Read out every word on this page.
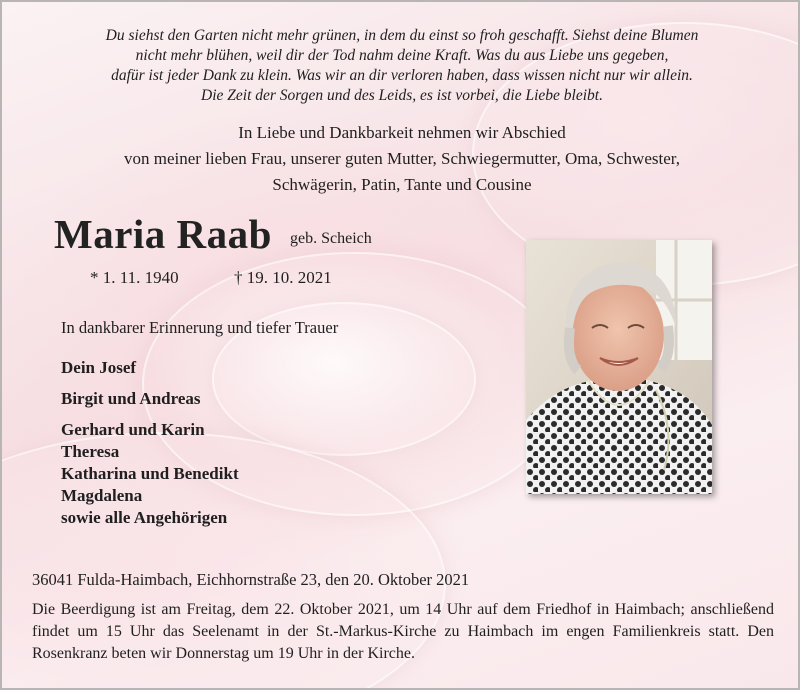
Du siehst den Garten nicht mehr grünen, in dem du einst so froh geschafft. Siehst deine Blumen
nicht mehr blühen, weil dir der Tod nahm deine Kraft. Was du aus Liebe uns gegeben,
dafür ist jeder Dank zu klein. Was wir an dir verloren haben, dass wissen nicht nur wir allein.
Die Zeit der Sorgen und des Leids, es ist vorbei, die Liebe bleibt.
In Liebe und Dankbarkeit nehmen wir Abschied
von meiner lieben Frau, unserer guten Mutter, Schwiegermutter, Oma, Schwester,
Schwägerin, Patin, Tante und Cousine
Maria Raab geb. Scheich
* 1. 11. 1940	† 19. 10. 2021
In dankbarer Erinnerung und tiefer Trauer
Dein Josef
Birgit und Andreas
Gerhard und Karin
Theresa
Katharina und Benedikt
Magdalena
sowie alle Angehörigen
36041 Fulda-Haimbach, Eichhornstraße 23, den 20. Oktober 2021

Die Beerdigung ist am Freitag, dem 22. Oktober 2021, um 14 Uhr auf dem Friedhof in Haimbach; anschließend findet um 15 Uhr das Seelenamt in der St.-Markus-Kirche zu Haimbach im engen Familienkreis statt. Den Rosenkranz beten wir Donnerstag um 19 Uhr in der Kirche.
